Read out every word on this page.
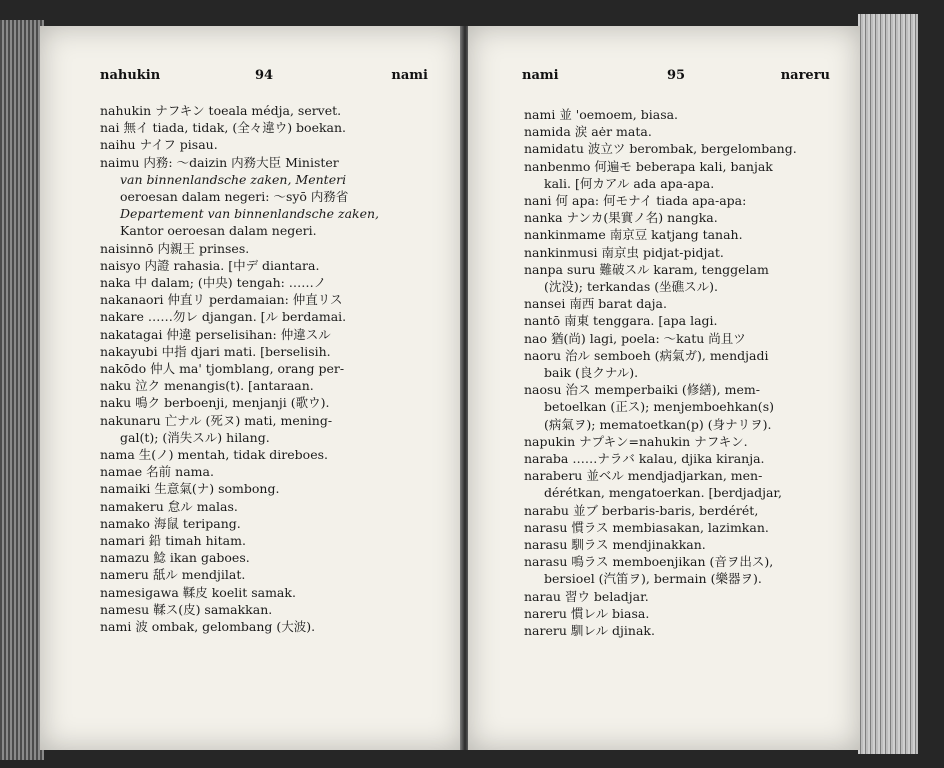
nahukin	94	nami
nahukin ナフキン toeala médja, servet.
nai 無イ tiada, tidak, (全々違ウ) boekan.
naihu ナイフ pisau.
naimu 内務: ～daizin 内務大臣 Minister
van binnenlandsche zaken, Menteri
oeroesan dalam negeri: ～syō 内務省
Departement van binnenlandsche zaken,
Kantor oeroesan dalam negeri.
naisinnō 内親王 prinses.
naisyo 内證 rahasia. [中デ diantara.
naka 中 dalam; (中央) tengah: ……ノ
nakanaori 仲直リ perdamaian: 仲直リス
nakare ……勿レ djangan. [ル berdamai.
nakatagai 仲違 perselisihan: 仲違スル
nakayubi 中指 djari mati. [berselisih.
nakōdo 仲人 ma' tjomblang, orang per-
naku 泣ク menangis(t). [antaraan.
naku 鳴ク berboenji, menjanji (歌ウ).
nakunaru 亡ナル (死ヌ) mati, mening-
gal(t); (消失スル) hilang.
nama 生(ノ) mentah, tidak direboes.
namae 名前 nama.
namaiki 生意氣(ナ) sombong.
namakeru 怠ル malas.
namako 海鼠 teripang.
namari 鉛 timah hitam.
namazu 鯰 ikan gaboes.
nameru 舐ル mendjilat.
namesigawa 鞣皮 koelit samak.
namesu 鞣ス(皮) samakkan.
nami 波 ombak, gelombang (大波).
nami	95	nareru
nami 並 'oemoem, biasa.
namida 涙 aėr mata.
namidatu 波立ツ berombak, bergelombang.
nanbenmo 何遍モ beberapa kali, banjak
kali. [何カアル ada apa-apa.
nani 何 apa: 何モナイ tiada apa-apa:
nanka ナンカ(果實ノ名) nangka.
nankinmame 南京豆 katjang tanah.
nankinmusi 南京虫 pidjat-pidjat.
nanpa suru 難破スル karam, tenggelam
(沈没); terkandas (坐礁スル).
nansei 南西 barat daja.
nantō 南東 tenggara. [apa lagi.
nao 猶(尚) lagi, poela: ～katu 尚且ツ
naoru 治ル semboeh (病氣ガ), mendjadi
baik (良クナル).
naosu 治ス memperbaiki (修繕), mem-
betoelkan (正ス); menjemboehkan(s)
(病氣ヲ); mematoetkan(p) (身ナリヲ).
napukin ナプキン=nahukin ナフキン.
naraba ……ナラバ kalau, djika kiranja.
naraberu 並ベル mendjadjarkan, men-
dérétkan, mengatoerkan. [berdjadjar,
narabu 並ブ berbaris-baris, berdérét,
narasu 慣ラス membiasakan, lazimkan.
narasu 馴ラス mendjinakkan.
narasu 鳴ラス memboenjikan (音ヲ出ス),
bersioel (汽笛ヲ), bermain (樂器ヲ).
narau 習ウ beladjar.
nareru 慣レル biasa.
nareru 馴レル djinak.
